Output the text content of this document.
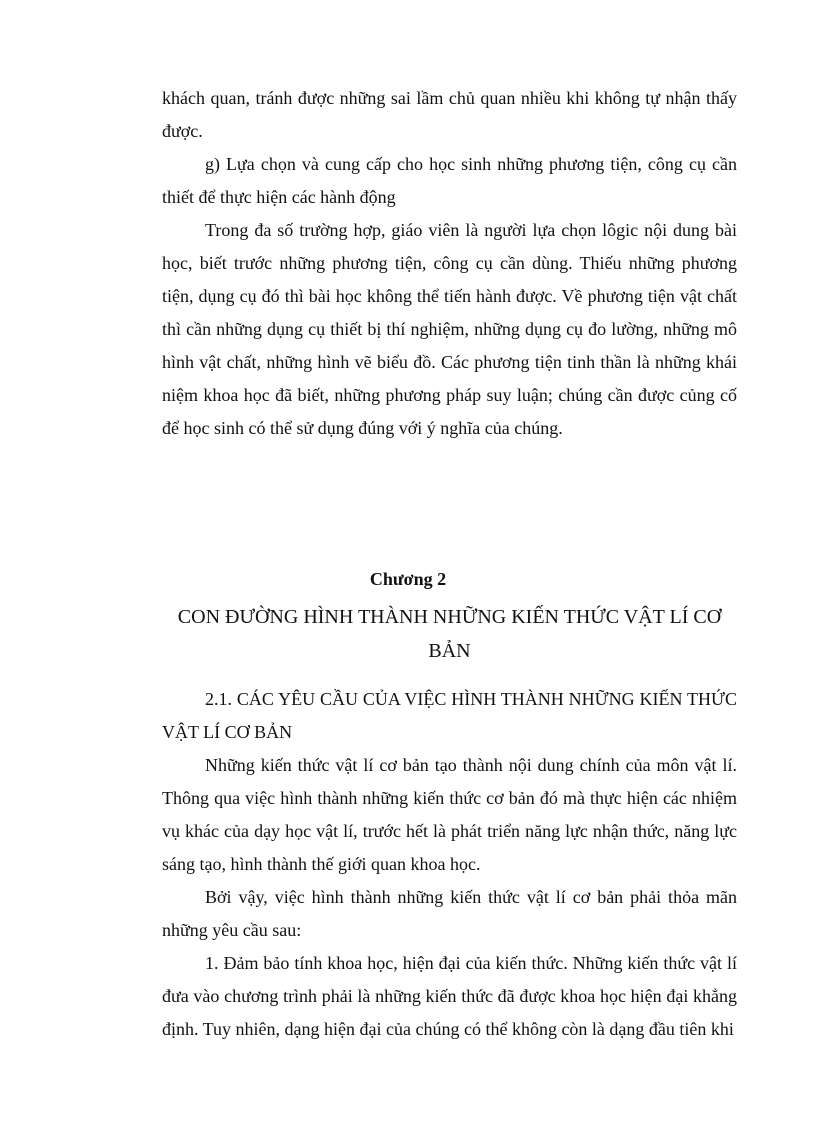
khách quan, tránh được những sai lầm chủ quan nhiều khi không tự nhận thấy được.

g) Lựa chọn và cung cấp cho học sinh những phương tiện, công cụ cần thiết để thực hiện các hành động

Trong đa số trường hợp, giáo viên là người lựa chọn lôgic nội dung bài học, biết trước những phương tiện, công cụ cần dùng. Thiếu những phương tiện, dụng cụ đó thì bài học không thể tiến hành được. Về phương tiện vật chất thì cần những dụng cụ thiết bị thí nghiệm, những dụng cụ đo lường, những mô hình vật chất, những hình vẽ biểu đồ. Các phương tiện tinh thần là những khái niệm khoa học đã biết, những phương pháp suy luận; chúng cần được củng cố để học sinh có thể sử dụng đúng với ý nghĩa của chúng.

Chương 2
CON ĐƯỜNG HÌNH THÀNH NHỮNG KIẾN THỨC VẬT LÍ CƠ BẢN

2.1. CÁC YÊU CẦU CỦA VIỆC HÌNH THÀNH NHỮNG KIẾN THỨC VẬT LÍ CƠ BẢN

Những kiến thức vật lí cơ bản tạo thành nội dung chính của môn vật lí. Thông qua việc hình thành những kiến thức cơ bản đó mà thực hiện các nhiệm vụ khác của dạy học vật lí, trước hết là phát triển năng lực nhận thức, năng lực sáng tạo, hình thành thế giới quan khoa học.

Bởi vậy, việc hình thành những kiến thức vật lí cơ bản phải thỏa mãn những yêu cầu sau:

1. Đảm bảo tính khoa học, hiện đại của kiến thức. Những kiến thức vật lí đưa vào chương trình phải là những kiến thức đã được khoa học hiện đại khẳng định. Tuy nhiên, dạng hiện đại của chúng có thể không còn là dạng đầu tiên khi
